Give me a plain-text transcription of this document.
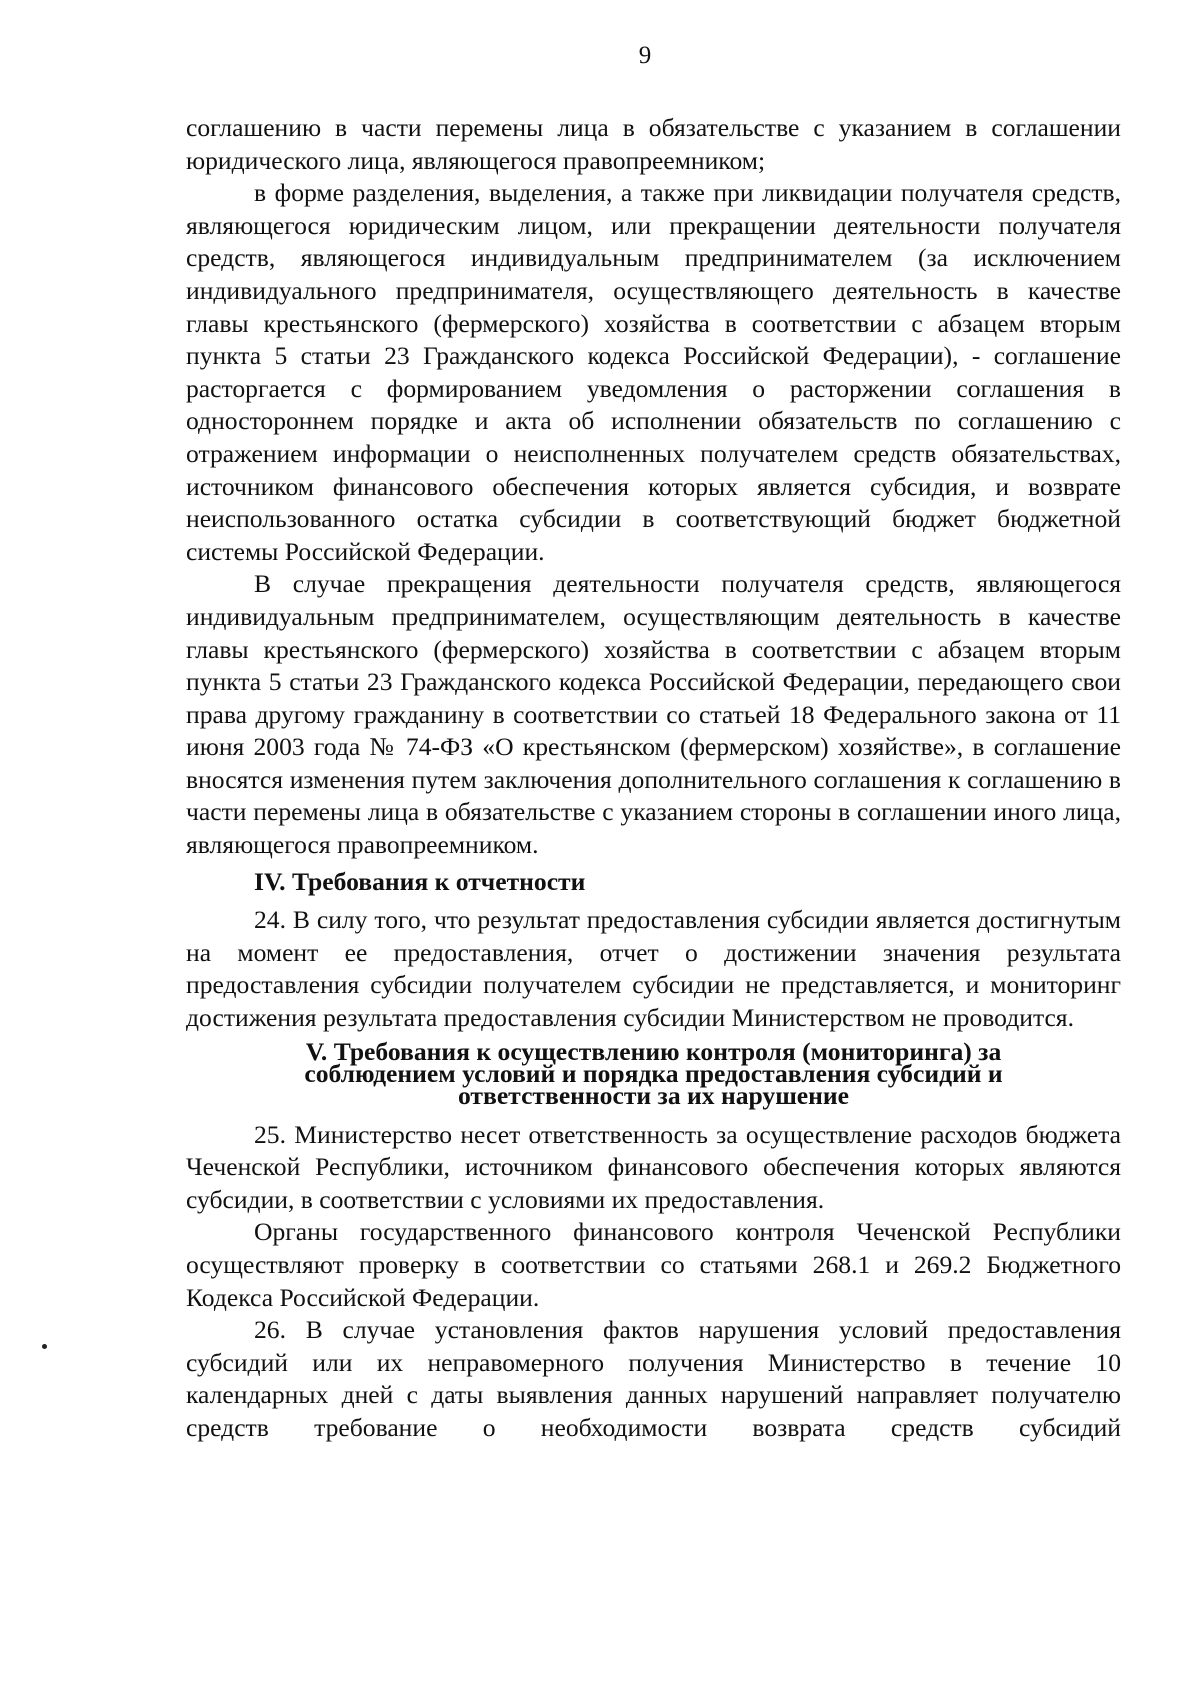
9

соглашению в части перемены лица в обязательстве с указанием в соглашении юридического лица, являющегося правопреемником;

в форме разделения, выделения, а также при ликвидации получателя средств, являющегося юридическим лицом, или прекращении деятельности получателя средств, являющегося индивидуальным предпринимателем (за исключением индивидуального предпринимателя, осуществляющего деятельность в качестве главы крестьянского (фермерского) хозяйства в соответствии с абзацем вторым пункта 5 статьи 23 Гражданского кодекса Российской Федерации), - соглашение расторгается с формированием уведомления о расторжении соглашения в одностороннем порядке и акта об исполнении обязательств по соглашению с отражением информации о неисполненных получателем средств обязательствах, источником финансового обеспечения которых является субсидия, и возврате неиспользованного остатка субсидии в соответствующий бюджет бюджетной системы Российской Федерации.

В случае прекращения деятельности получателя средств, являющегося индивидуальным предпринимателем, осуществляющим деятельность в качестве главы крестьянского (фермерского) хозяйства в соответствии с абзацем вторым пункта 5 статьи 23 Гражданского кодекса Российской Федерации, передающего свои права другому гражданину в соответствии со статьей 18 Федерального закона от 11 июня 2003 года № 74-ФЗ «О крестьянском (фермерском) хозяйстве», в соглашение вносятся изменения путем заключения дополнительного соглашения к соглашению в части перемены лица в обязательстве с указанием стороны в соглашении иного лица, являющегося правопреемником.

IV. Требования к отчетности

24. В силу того, что результат предоставления субсидии является достигнутым на момент ее предоставления, отчет о достижении значения результата предоставления субсидии получателем субсидии не представляется, и мониторинг достижения результата предоставления субсидии Министерством не проводится.

V. Требования к осуществлению контроля (мониторинга) за
соблюдением условий и порядка предоставления субсидий и
ответственности за их нарушение

25. Министерство несет ответственность за осуществление расходов бюджета Чеченской Республики, источником финансового обеспечения которых являются субсидии, в соответствии с условиями их предоставления.

Органы государственного финансового контроля Чеченской Республики осуществляют проверку в соответствии со статьями 268.1 и 269.2 Бюджетного Кодекса Российской Федерации.

26. В случае установления фактов нарушения условий предоставления субсидий или их неправомерного получения Министерство в течение 10 календарных дней с даты выявления данных нарушений направляет получателю средств требование о необходимости возврата средств субсидий
